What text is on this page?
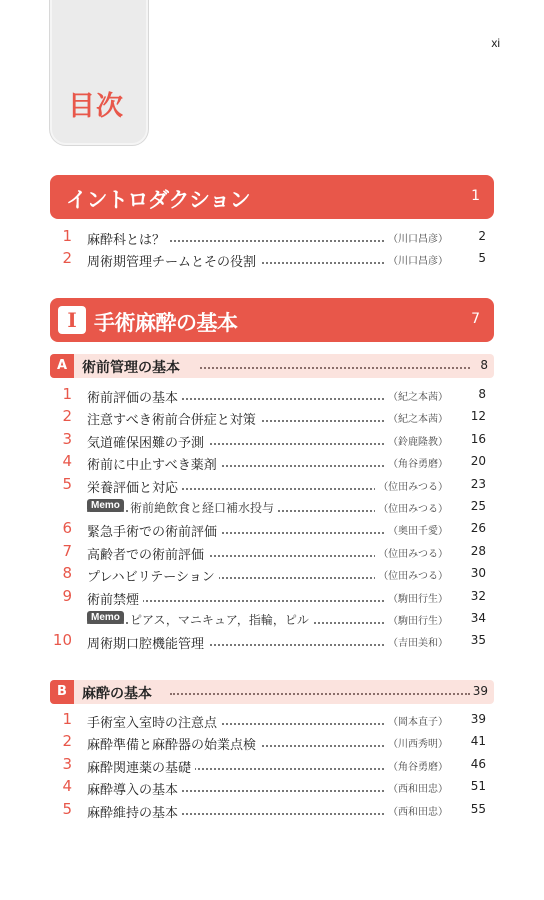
xi
目次
イントロダクション	1
1 麻酔科とは？	（川口昌彦）	2
2 周術期管理チームとその役割	（川口昌彦）	5
I 手術麻酔の基本	7
A	術前管理の基本	8
1 術前評価の基本	（紀之本茜）	8
2 注意すべき術前合併症と対策	（紀之本茜） 12
3 気道確保困難の予測	（鈴鹿隆教） 16
4 術前に中止すべき薬剤	（角谷勇磨） 20
5 栄養評価と対応	（位田みつる） 23
Memo 術前絶飲食と経口補水投与	（位田みつる） 25
6 緊急手術での術前評価	（奥田千愛） 26
7 高齢者での術前評価	（位田みつる） 28
8 プレハビリテーション	（位田みつる） 30
9 術前禁煙	（駒田行生） 32
Memo ピアス，マニキュア，指輪，ピル	（駒田行生） 34
10 周術期口腔機能管理	（吉田美和） 35
B	麻酔の基本	39
1 手術室入室時の注意点	（岡本直子） 39
2 麻酔準備と麻酔器の始業点検	（川西秀明） 41
3 麻酔関連薬の基礎	（角谷勇磨） 46
4 麻酔導入の基本	（西和田忠） 51
5 麻酔維持の基本	（西和田忠） 55
